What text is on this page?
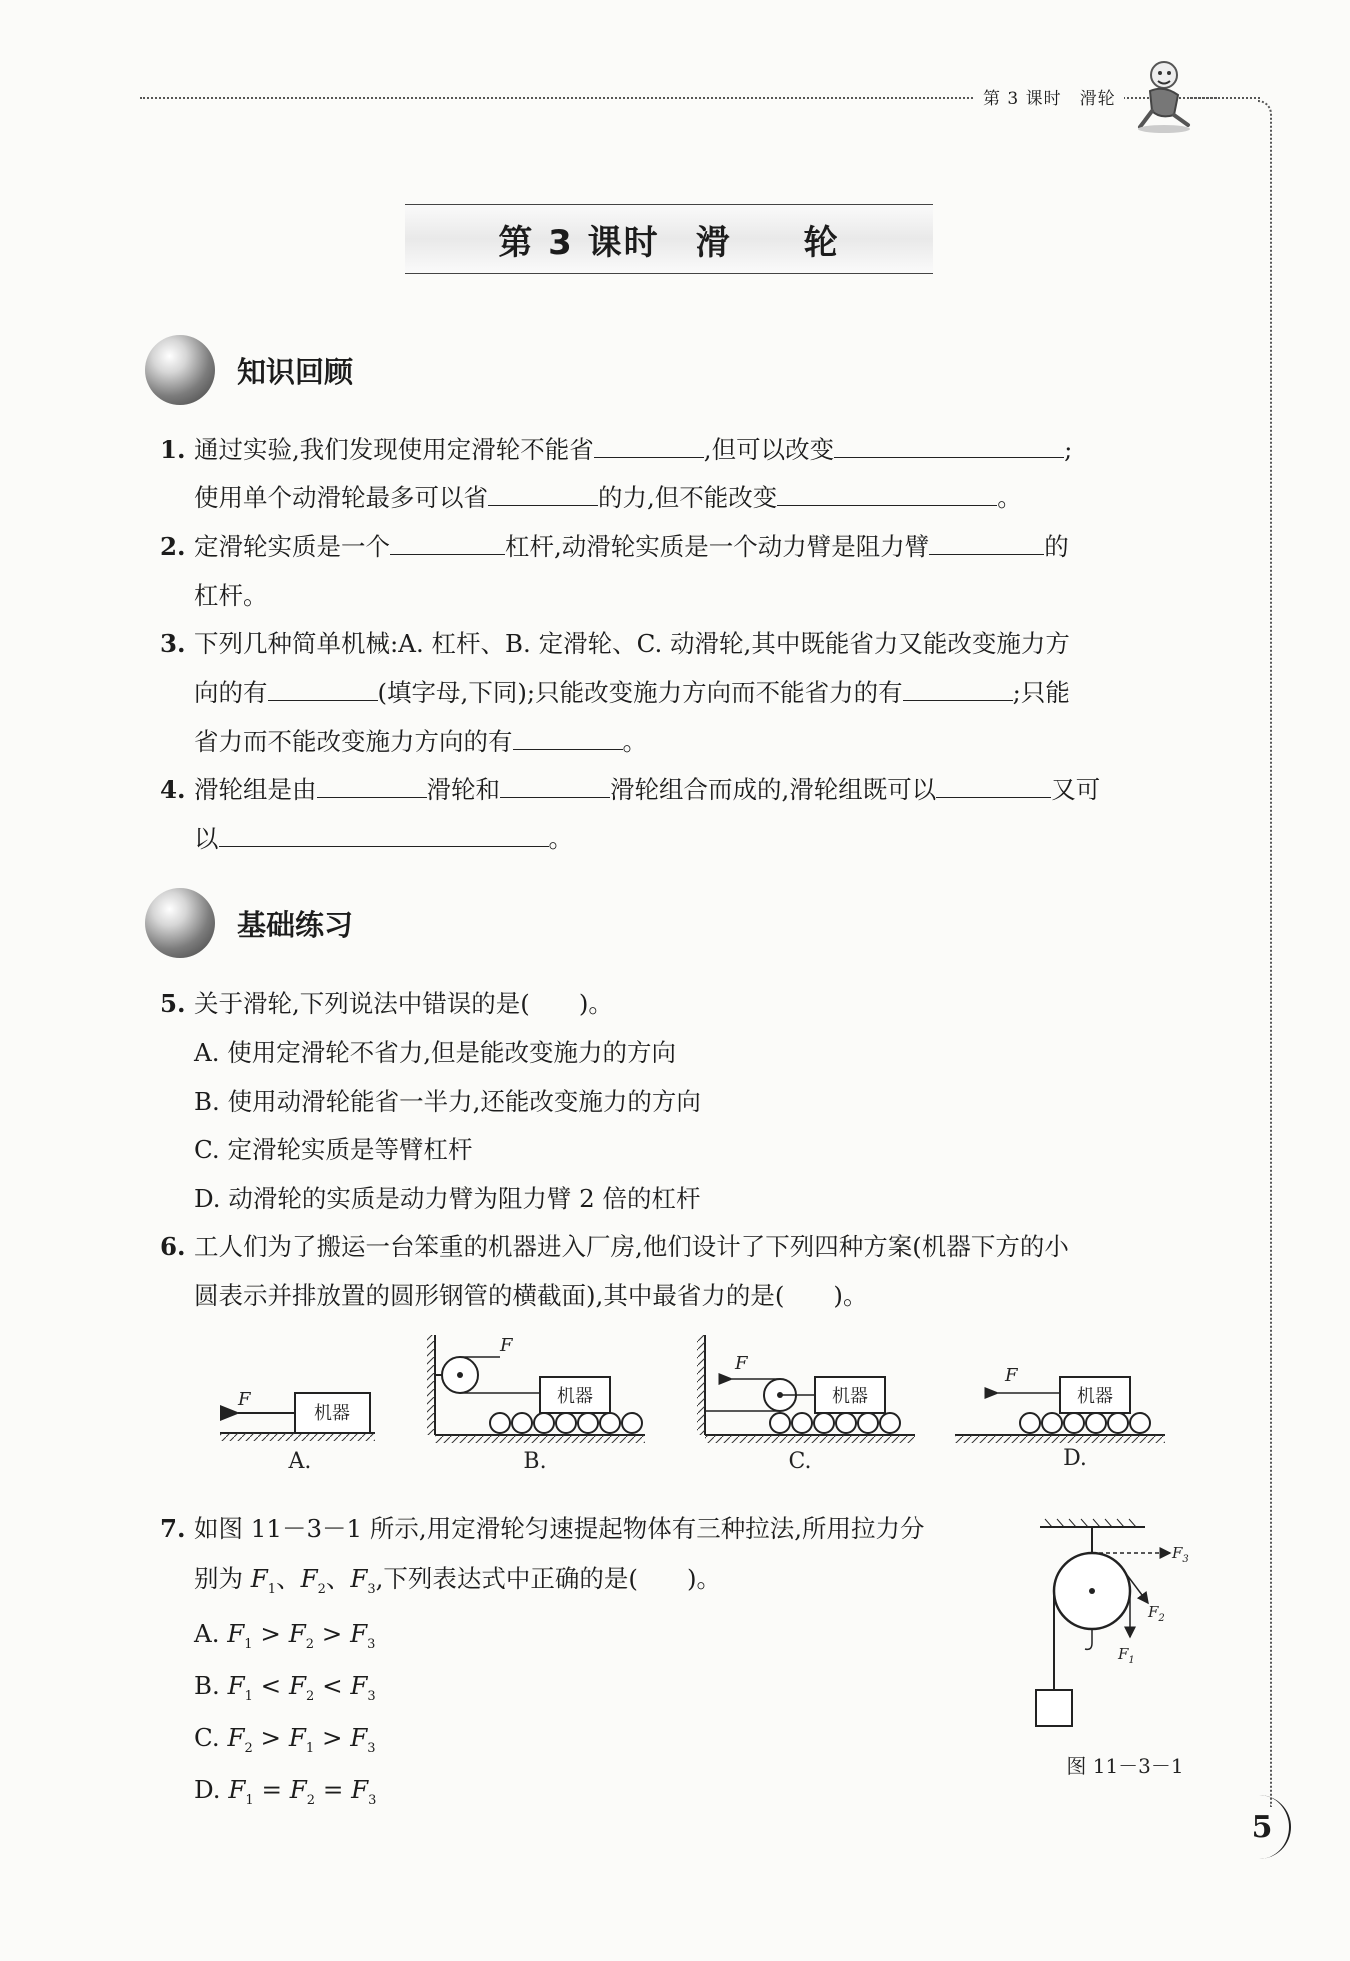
第 3 课时　滑轮
第 3 课时　滑　　轮
知识回顾
1. 通过实验,我们发现使用定滑轮不能省	,但可以改变	;
使用单个动滑轮最多可以省	的力,但不能改变	。
2. 定滑轮实质是一个	杠杆,动滑轮实质是一个动力臂是阻力臂	的
杠杆。
3. 下列几种简单机械:A. 杠杆、B. 定滑轮、C. 动滑轮,其中既能省力又能改变施力方
向的有	(填字母,下同);只能改变施力方向而不能省力的有	;只能
省力而不能改变施力方向的有	。
4. 滑轮组是由	滑轮和	滑轮组合而成的,滑轮组既可以	又可
以	。
基础练习
5. 关于滑轮,下列说法中错误的是(　　)。
A. 使用定滑轮不省力,但是能改变施力的方向
B. 使用动滑轮能省一半力,还能改变施力的方向
C. 定滑轮实质是等臂杠杆
D. 动滑轮的实质是动力臂为阻力臂 2 倍的杠杆
6. 工人们为了搬运一台笨重的机器进入厂房,他们设计了下列四种方案(机器下方的小
圆表示并排放置的圆形钢管的横截面),其中最省力的是(　　)。
机器
F
A.
F
机器
B.
F
机器
C.
机器
F
D.
7. 如图 11－3－1 所示,用定滑轮匀速提起物体有三种拉法,所用拉力分
别为 $F_1$、$F_2$、$F_3$,下列表达式中正确的是(　　)。
A. $F_1 > F_2 > F_3$
B. $F_1 < F_2 < F_3$
C. $F_2 > F_1 > F_3$
D. $F_1 = F_2 = F_3$
$F_3$
$F_2$
$F_1$
图 11－3－1
5
